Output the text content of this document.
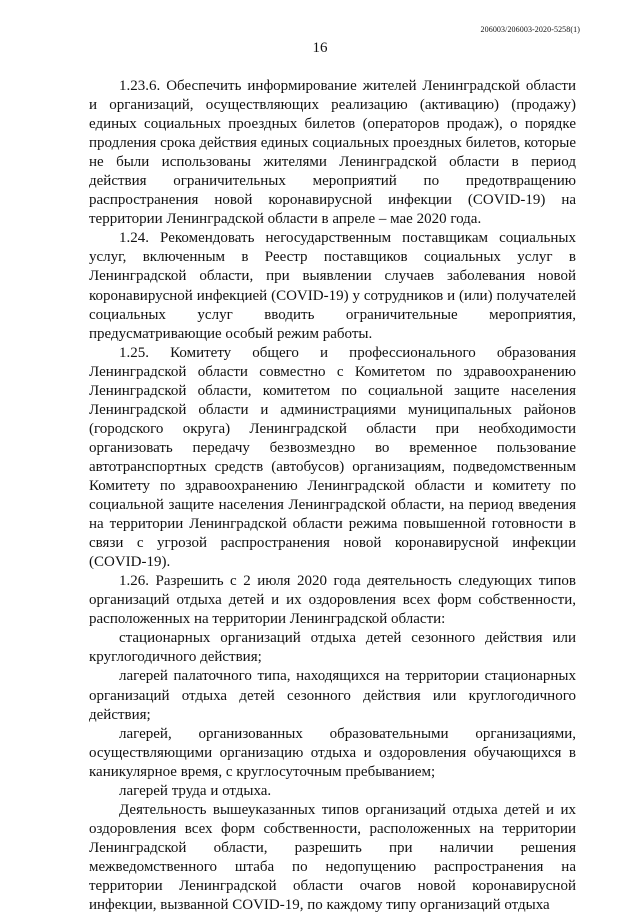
206003/206003-2020-5258(1)
16

1.23.6. Обеспечить информирование жителей Ленинградской области и организаций, осуществляющих реализацию (активацию) (продажу) единых социальных проездных билетов (операторов продаж), о порядке продления срока действия единых социальных проездных билетов, которые не были использованы жителями Ленинградской области в период действия ограничительных мероприятий по предотвращению распространения новой коронавирусной инфекции (COVID-19) на территории Ленинградской области в апреле – мае 2020 года.

1.24. Рекомендовать негосударственным поставщикам социальных услуг, включенным в Реестр поставщиков социальных услуг в Ленинградской области, при выявлении случаев заболевания новой коронавирусной инфекцией (COVID-19) у сотрудников и (или) получателей социальных услуг вводить ограничительные мероприятия, предусматривающие особый режим работы.

1.25. Комитету общего и профессионального образования Ленинградской области совместно с Комитетом по здравоохранению Ленинградской области, комитетом по социальной защите населения Ленинградской области и администрациями муниципальных районов (городского округа) Ленинградской области при необходимости организовать передачу безвозмездно во временное пользование автотранспортных средств (автобусов) организациям, подведомственным Комитету по здравоохранению Ленинградской области и комитету по социальной защите населения Ленинградской области, на период введения на территории Ленинградской области режима повышенной готовности в связи с угрозой распространения новой коронавирусной инфекции (COVID-19).

1.26. Разрешить с 2 июля 2020 года деятельность следующих типов организаций отдыха детей и их оздоровления всех форм собственности, расположенных на территории Ленинградской области:

стационарных организаций отдыха детей сезонного действия или круглогодичного действия;

лагерей палаточного типа, находящихся на территории стационарных организаций отдыха детей сезонного действия или круглогодичного действия;

лагерей, организованных образовательными организациями, осуществляющими организацию отдыха и оздоровления обучающихся в каникулярное время, с круглосуточным пребыванием;

лагерей труда и отдыха.

Деятельность вышеуказанных типов организаций отдыха детей и их оздоровления всех форм собственности, расположенных на территории Ленинградской области, разрешить при наличии решения межведомственного штаба по недопущению распространения на территории Ленинградской области очагов новой коронавирусной инфекции, вызванной COVID-19, по каждому типу организаций отдыха
